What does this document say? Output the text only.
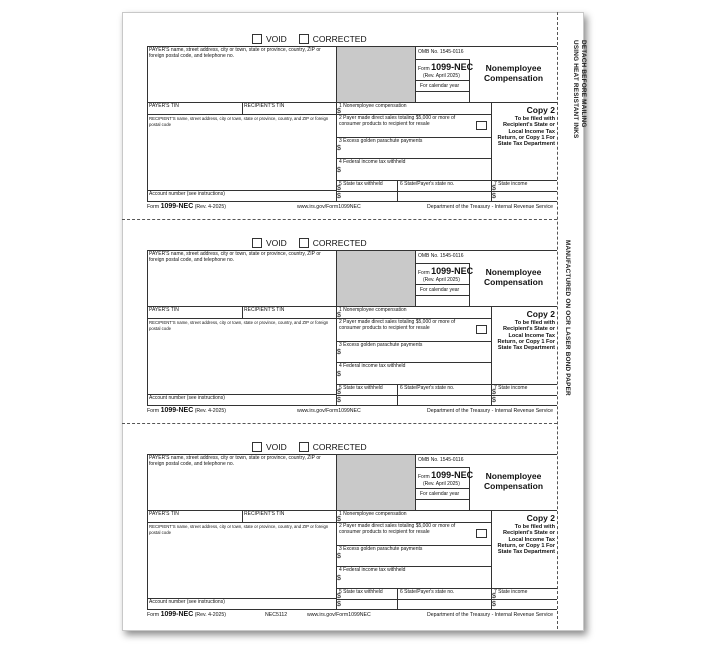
DETACH BEFORE MAILING
USING HEAT RESISTANT INKS
MANUFACTURED ON OCR LASER BOND PAPER
VOID	CORRECTED
PAYER'S name, street address, city or town, state or province, country, ZIP or foreign postal code, and telephone no.
OMB No. 1545-0116
Form 1099-NEC
(Rev. April 2025)
For calendar year
Nonemployee
Compensation
PAYER'S TIN	RECIPIENT'S TIN
RECIPIENT'S name, street address, city or town, state or province, country, and ZIP or foreign postal code
Account number (see instructions)
1 Nonemployee compensation
$
2 Payer made direct sales totaling $5,000 or more of consumer products to recipient for resale
3 Excess golden parachute payments
$
4 Federal income tax withheld
$
5 State tax withheld
$
$
6 State/Payer's state no.	7 State income
$
$
Copy 2
To be filed with Recipient's State or Local Income Tax Return, or Copy 1 For State Tax Department
Form 1099-NEC (Rev. 4-2025)	www.irs.gov/Form1099NEC	Department of the Treasury - Internal Revenue Service
VOID	CORRECTED
PAYER'S name, street address, city or town, state or province, country, ZIP or foreign postal code, and telephone no.
OMB No. 1545-0116
Form 1099-NEC
(Rev. April 2025)
For calendar year
Nonemployee
Compensation
PAYER'S TIN	RECIPIENT'S TIN
RECIPIENT'S name, street address, city or town, state or province, country, and ZIP or foreign postal code
Account number (see instructions)
1 Nonemployee compensation
$
2 Payer made direct sales totaling $5,000 or more of consumer products to recipient for resale
3 Excess golden parachute payments
$
4 Federal income tax withheld
$
5 State tax withheld
$
$
6 State/Payer's state no.	7 State income
$
$
Copy 2
To be filed with Recipient's State or Local Income Tax Return, or Copy 1 For State Tax Department
Form 1099-NEC (Rev. 4-2025)	www.irs.gov/Form1099NEC	Department of the Treasury - Internal Revenue Service
VOID	CORRECTED
PAYER'S name, street address, city or town, state or province, country, ZIP or foreign postal code, and telephone no.
OMB No. 1545-0116
Form 1099-NEC
(Rev. April 2025)
For calendar year
Nonemployee
Compensation
PAYER'S TIN	RECIPIENT'S TIN
RECIPIENT'S name, street address, city or town, state or province, country, and ZIP or foreign postal code
Account number (see instructions)
1 Nonemployee compensation
$
2 Payer made direct sales totaling $5,000 or more of consumer products to recipient for resale
3 Excess golden parachute payments
$
4 Federal income tax withheld
$
5 State tax withheld
$
$
6 State/Payer's state no.	7 State income
$
$
Copy 2
To be filed with Recipient's State or Local Income Tax Return, or Copy 1 For State Tax Department
Form 1099-NEC (Rev. 4-2025)	www.irs.gov/Form1099NEC	Department of the Treasury - Internal Revenue Service
NEC5112
